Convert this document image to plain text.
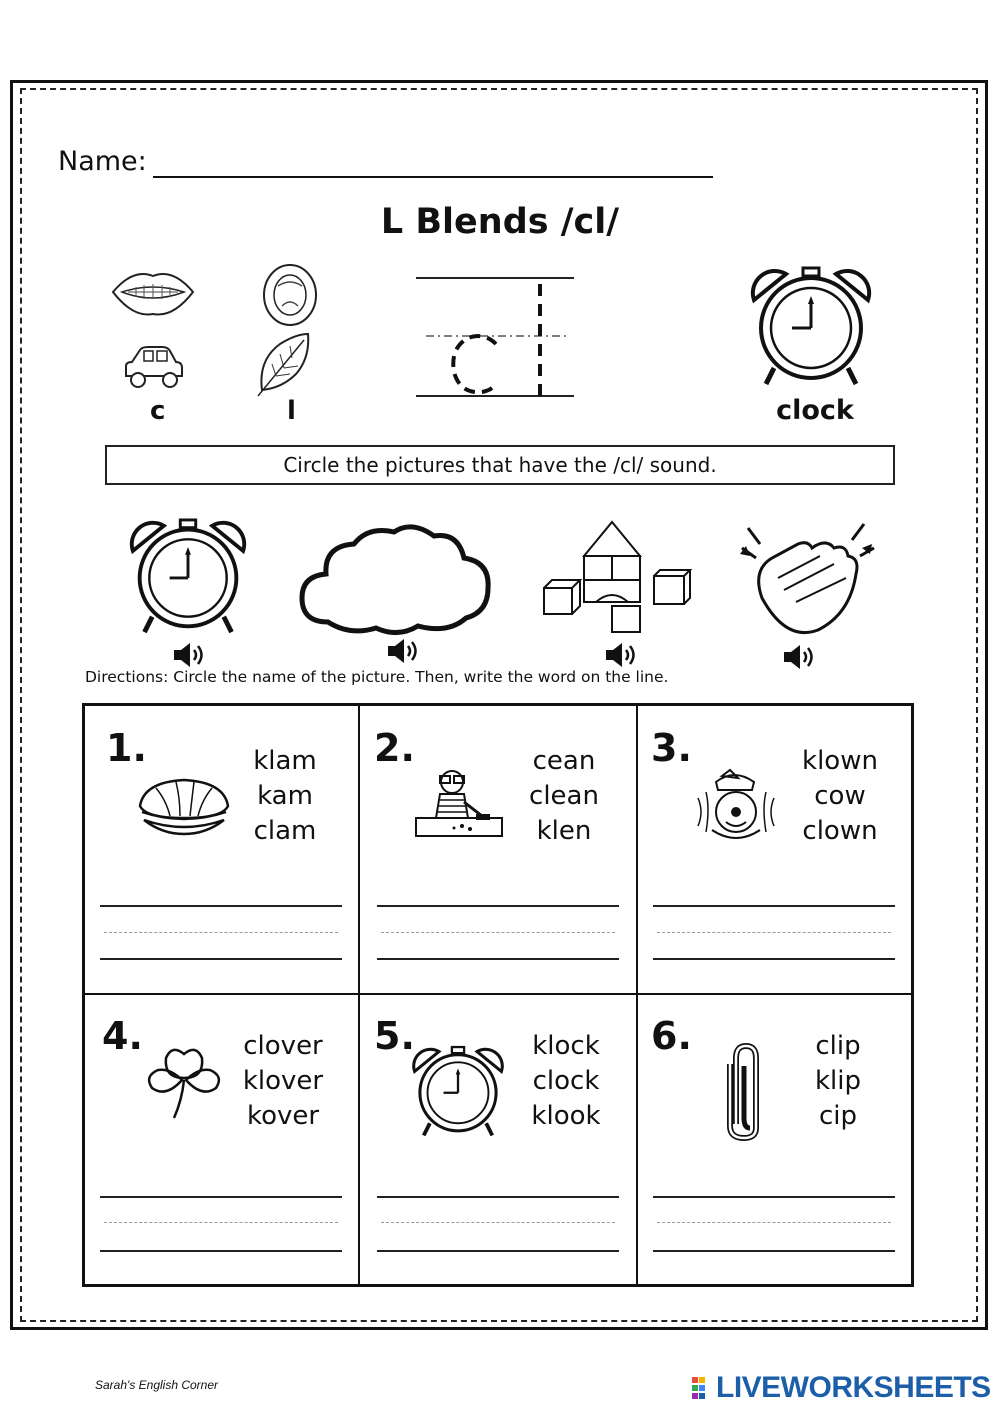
Name:
L Blends /cl/
c	l	clock
Circle the pictures that have the /cl/ sound.
Directions: Circle the name of the picture. Then, write the word on the line.
1.	klam
kam
clam
2.	cean
clean
klen
3.	klown
cow
clown
4.	clover
klover
kover
5.	klock
clock
klook
6.	clip
klip
cip
Sarah's English Corner	LIVEWORKSHEETS
